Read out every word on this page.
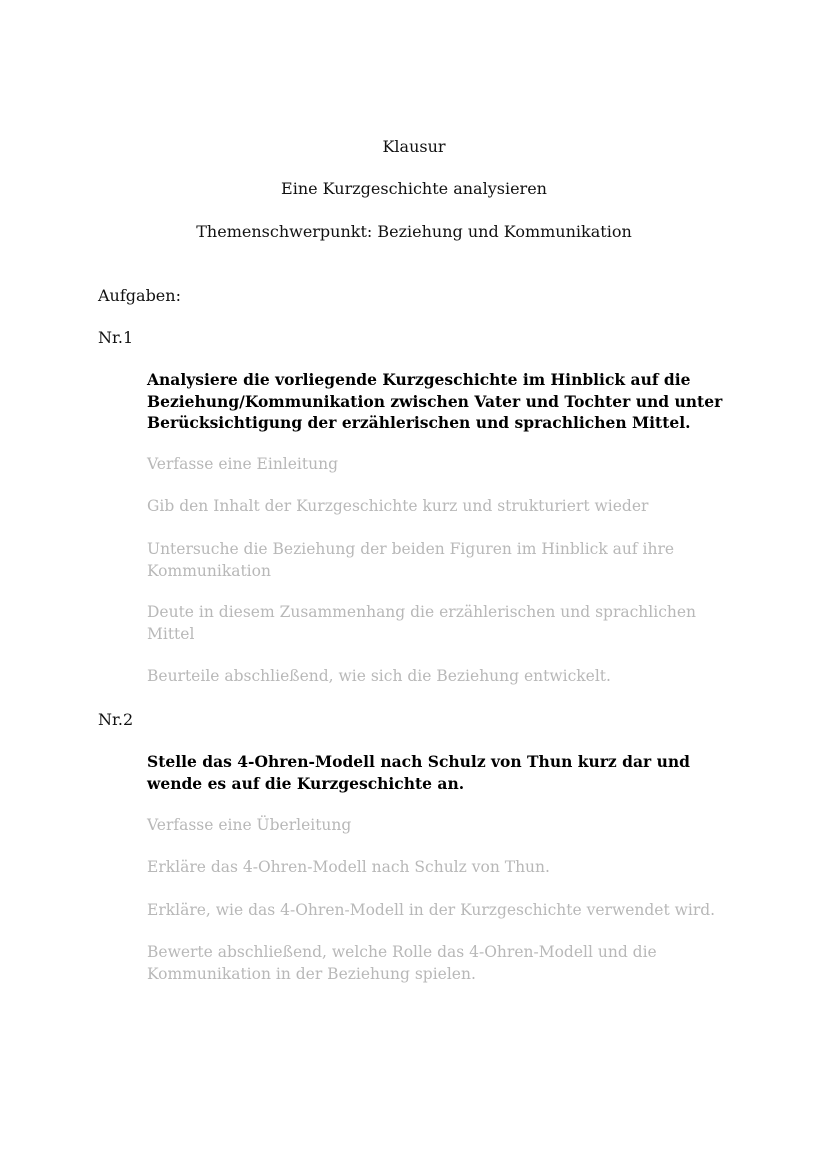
Klausur
Eine Kurzgeschichte analysieren
Themenschwerpunkt: Beziehung und Kommunikation
Aufgaben:
Nr.1
Analysiere die vorliegende Kurzgeschichte im Hinblick auf die Beziehung/Kommunikation zwischen Vater und Tochter und unter Berücksichtigung der erzählerischen und sprachlichen Mittel.
Verfasse eine Einleitung
Gib den Inhalt der Kurzgeschichte kurz und strukturiert wieder
Untersuche die Beziehung der beiden Figuren im Hinblick auf ihre Kommunikation
Deute in diesem Zusammenhang die erzählerischen und sprachlichen Mittel
Beurteile abschließend, wie sich die Beziehung entwickelt.
Nr.2
Stelle das 4-Ohren-Modell nach Schulz von Thun kurz dar und wende es auf die Kurzgeschichte an.
Verfasse eine Überleitung
Erkläre das 4-Ohren-Modell nach Schulz von Thun.
Erkläre, wie das 4-Ohren-Modell in der Kurzgeschichte verwendet wird.
Bewerte abschließend, welche Rolle das 4-Ohren-Modell und die Kommunikation in der Beziehung spielen.
